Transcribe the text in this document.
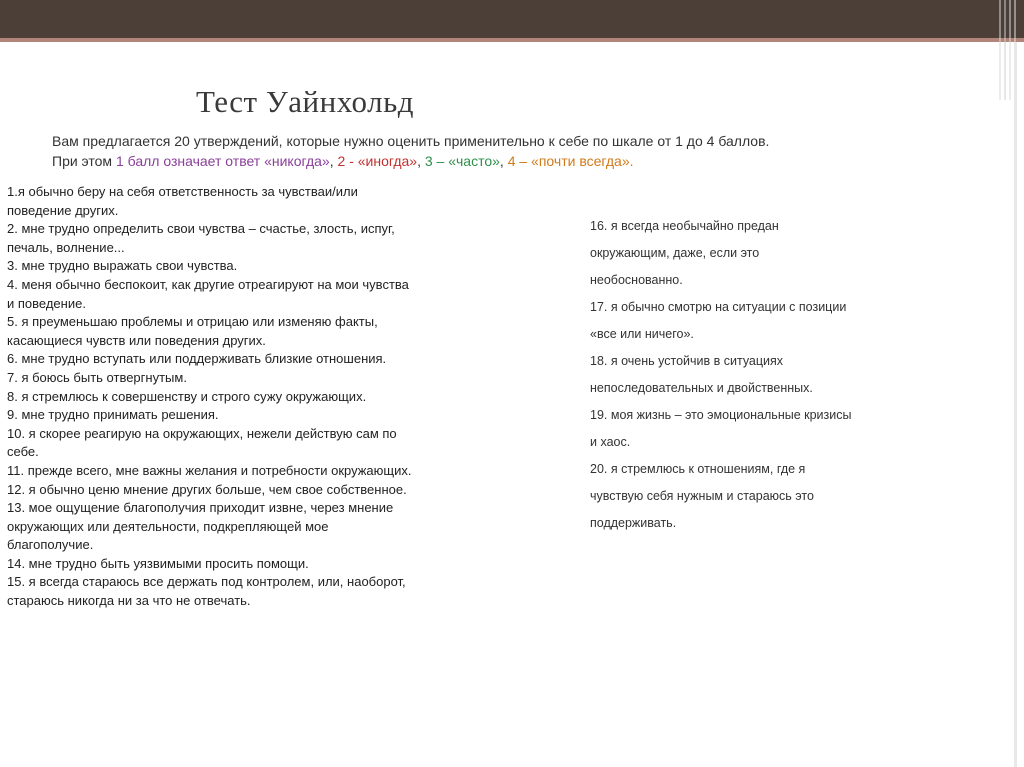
Тест Уайнхольд

Вам предлагается 20 утверждений, которые нужно оценить применительно к себе по шкале от 1 до 4 баллов.

При этом 1 балл означает ответ «никогда», 2 - «иногда», 3 – «часто», 4 – «почти всегда».

1.я обычно беру на себя ответственность за чувстваи/или
поведение других.
2. мне трудно определить свои чувства – счастье, злость, испуг,
печаль, волнение...
3. мне трудно выражать свои чувства.
4. меня обычно беспокоит, как другие отреагируют на мои чувства
и поведение.
5. я преуменьшаю проблемы и отрицаю или изменяю факты,
касающиеся чувств или поведения других.
6. мне трудно вступать или поддерживать близкие отношения.
7. я боюсь быть отвергнутым.
8. я стремлюсь к совершенству и строго сужу окружающих.
9. мне трудно принимать решения.
10. я скорее реагирую на окружающих, нежели действую сам по
себе.
11. прежде всего, мне важны желания и потребности окружающих.
12. я обычно ценю мнение других больше, чем свое собственное.
13. мое ощущение благополучия приходит извне, через мнение
окружающих или деятельности, подкрепляющей мое
благополучие.
14. мне трудно быть уязвимыми просить помощи.
15. я всегда стараюсь все держать под контролем, или, наоборот,
стараюсь никогда ни за что не отвечать.
16. я всегда необычайно предан
окружающим, даже, если это
необоснованно.
17. я обычно смотрю на ситуации с позиции
«все или ничего».
18. я очень устойчив в ситуациях
непоследовательных и двойственных.
19. моя жизнь – это эмоциональные кризисы
и хаос.
20. я стремлюсь к отношениям, где я
чувствую себя нужным и стараюсь это
поддерживать.
